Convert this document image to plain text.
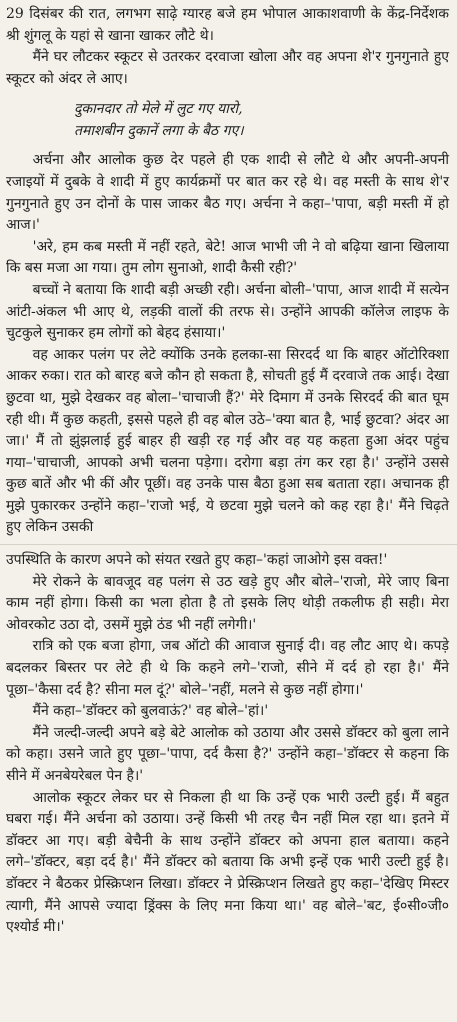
29 दिसंबर की रात, लगभग साढ़े ग्यारह बजे हम भोपाल आकाशवाणी के केंद्र-निर्देशक श्री शुंगलू के यहां से खाना खाकर लौटे थे।

मैंने घर लौटकर स्कूटर से उतरकर दरवाजा खोला और वह अपना शे'र गुनगुनाते हुए स्कूटर को अंदर ले आए।

दुकानदार तो मेले में लुट गए यारो,
तमाशबीन दुकानें लगा के बैठ गए।

अर्चना और आलोक कुछ देर पहले ही एक शादी से लौटे थे और अपनी-अपनी रजाइयों में दुबके वे शादी में हुए कार्यक्रमों पर बात कर रहे थे। वह मस्ती के साथ शे'र गुनगुनाते हुए उन दोनों के पास जाकर बैठ गए। अर्चना ने कहा–'पापा, बड़ी मस्ती में हो आज।'

'अरे, हम कब मस्ती में नहीं रहते, बेटे! आज भाभी जी ने वो बढ़िया खाना खिलाया कि बस मजा आ गया। तुम लोग सुनाओ, शादी कैसी रही?'

बच्चों ने बताया कि शादी बड़ी अच्छी रही। अर्चना बोली–'पापा, आज शादी में सत्येन आंटी-अंकल भी आए थे, लड़की वालों की तरफ से। उन्होंने आपकी कॉलेज लाइफ के चुटकुले सुनाकर हम लोगों को बेहद हंसाया।'

वह आकर पलंग पर लेटे क्योंकि उनके हलका-सा सिरदर्द था कि बाहर ऑटोरिक्शा आकर रुका। रात को बारह बजे कौन हो सकता है, सोचती हुई मैं दरवाजे तक आई। देखा छुटवा था, मुझे देखकर वह बोला–'चाचाजी हैं?' मेरे दिमाग में उनके सिरदर्द की बात घूम रही थी। मैं कुछ कहती, इससे पहले ही वह बोल उठे–'क्या बात है, भाई छुटवा? अंदर आ जा।' मैं तो झुंझलाई हुई बाहर ही खड़ी रह गई और वह यह कहता हुआ अंदर पहुंच गया–'चाचाजी, आपको अभी चलना पड़ेगा। दरोगा बड़ा तंग कर रहा है।' उन्होंने उससे कुछ बातें और भी कीं और पूछीं। वह उनके पास बैठा हुआ सब बताता रहा। अचानक ही मुझे पुकारकर उन्होंने कहा–'राजो भई, ये छटवा मुझे चलने को कह रहा है।' मैंने चिढ़ते हुए लेकिन उसकी

उपस्थिति के कारण अपने को संयत रखते हुए कहा–'कहां जाओगे इस वक्त!'

मेरे रोकने के बावजूद वह पलंग से उठ खड़े हुए और बोले–'राजो, मेरे जाए बिना काम नहीं होगा। किसी का भला होता है तो इसके लिए थोड़ी तकलीफ ही सही। मेरा ओवरकोट उठा दो, उसमें मुझे ठंड भी नहीं लगेगी।'

रात्रि को एक बजा होगा, जब ऑटो की आवाज सुनाई दी। वह लौट आए थे। कपड़े बदलकर बिस्तर पर लेटे ही थे कि कहने लगे–'राजो, सीने में दर्द हो रहा है।' मैंने पूछा–'कैसा दर्द है? सीना मल दूं?' बोले–'नहीं, मलने से कुछ नहीं होगा।'

मैंने कहा–'डॉक्टर को बुलवाऊं?' वह बोले–'हां।'

मैंने जल्दी-जल्दी अपने बड़े बेटे आलोक को उठाया और उससे डॉक्टर को बुला लाने को कहा। उसने जाते हुए पूछा–'पापा, दर्द कैसा है?' उन्होंने कहा–'डॉक्टर से कहना कि सीने में अनबेयरेबल पेन है।'

आलोक स्कूटर लेकर घर से निकला ही था कि उन्हें एक भारी उल्टी हुई। मैं बहुत घबरा गई। मैंने अर्चना को उठाया। उन्हें किसी भी तरह चैन नहीं मिल रहा था। इतने में डॉक्टर आ गए। बड़ी बेचैनी के साथ उन्होंने डॉक्टर को अपना हाल बताया। कहने लगे–'डॉक्टर, बड़ा दर्द है।' मैंने डॉक्टर को बताया कि अभी इन्हें एक भारी उल्टी हुई है। डॉक्टर ने बैठकर प्रेस्क्रिप्शन लिखा। डॉक्टर ने प्रेस्क्रिप्शन लिखते हुए कहा–'देखिए मिस्टर त्यागी, मैंने आपसे ज्यादा ड्रिंक्स के लिए मना किया था।' वह बोले–'बट, ई०सी०जी० एश्योर्ड मी।'
